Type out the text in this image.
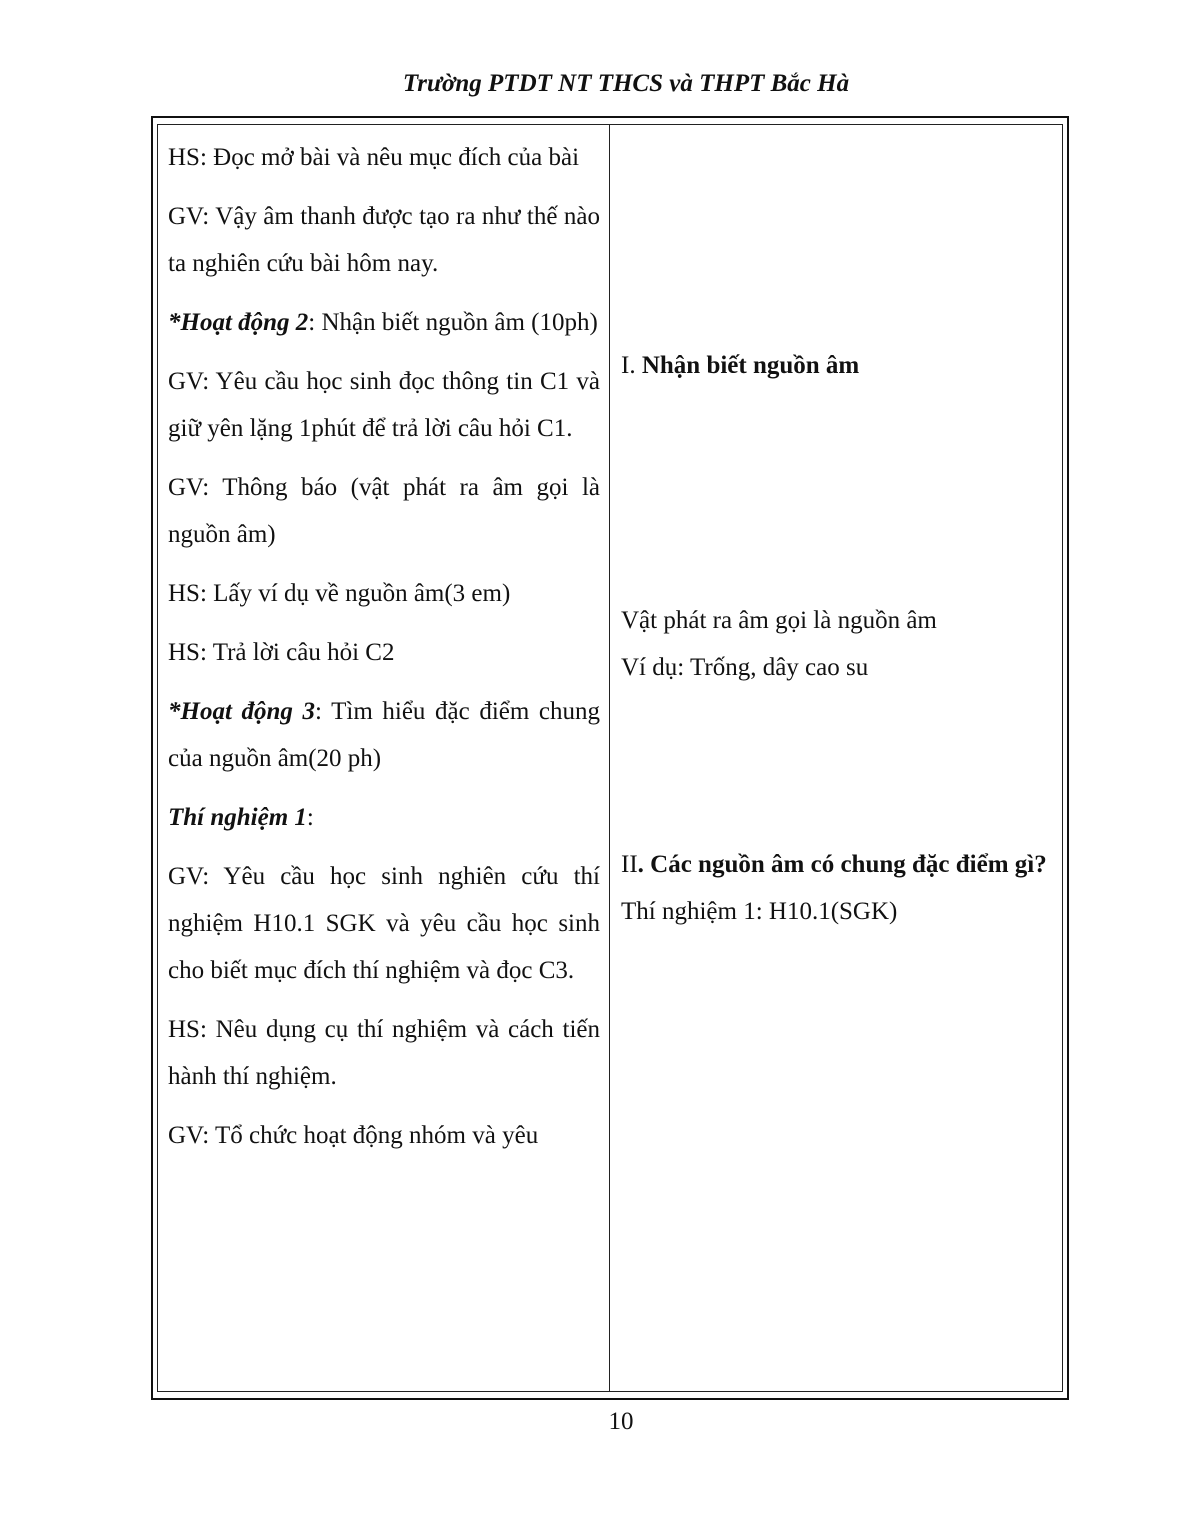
Trường PTDT NT THCS và THPT Bắc Hà

HS: Đọc mở bài và nêu mục đích của bài

GV: Vậy âm thanh được tạo ra như thế nào ta nghiên cứu bài hôm nay.

*Hoạt động 2: Nhận biết nguồn âm (10ph)

GV: Yêu cầu học sinh đọc thông tin C1 và giữ yên lặng 1phút để trả lời câu hỏi C1.

GV: Thông báo (vật phát ra âm gọi là nguồn âm)

HS: Lấy ví dụ về nguồn âm(3 em)

HS: Trả lời câu hỏi C2

*Hoạt động 3: Tìm hiểu đặc điểm chung của nguồn âm(20 ph)

Thí nghiệm 1:

GV: Yêu cầu học sinh nghiên cứu thí nghiệm H10.1 SGK và yêu cầu học sinh cho biết mục đích thí nghiệm và đọc C3.

HS: Nêu dụng cụ thí nghiệm và cách tiến hành thí nghiệm.

GV: Tổ chức hoạt động nhóm và yêu

I. Nhận biết nguồn âm

Vật phát ra âm gọi là nguồn âm

Ví dụ: Trống, dây cao su

II. Các nguồn âm có chung đặc điểm gì?

Thí nghiệm 1: H10.1(SGK)

10
